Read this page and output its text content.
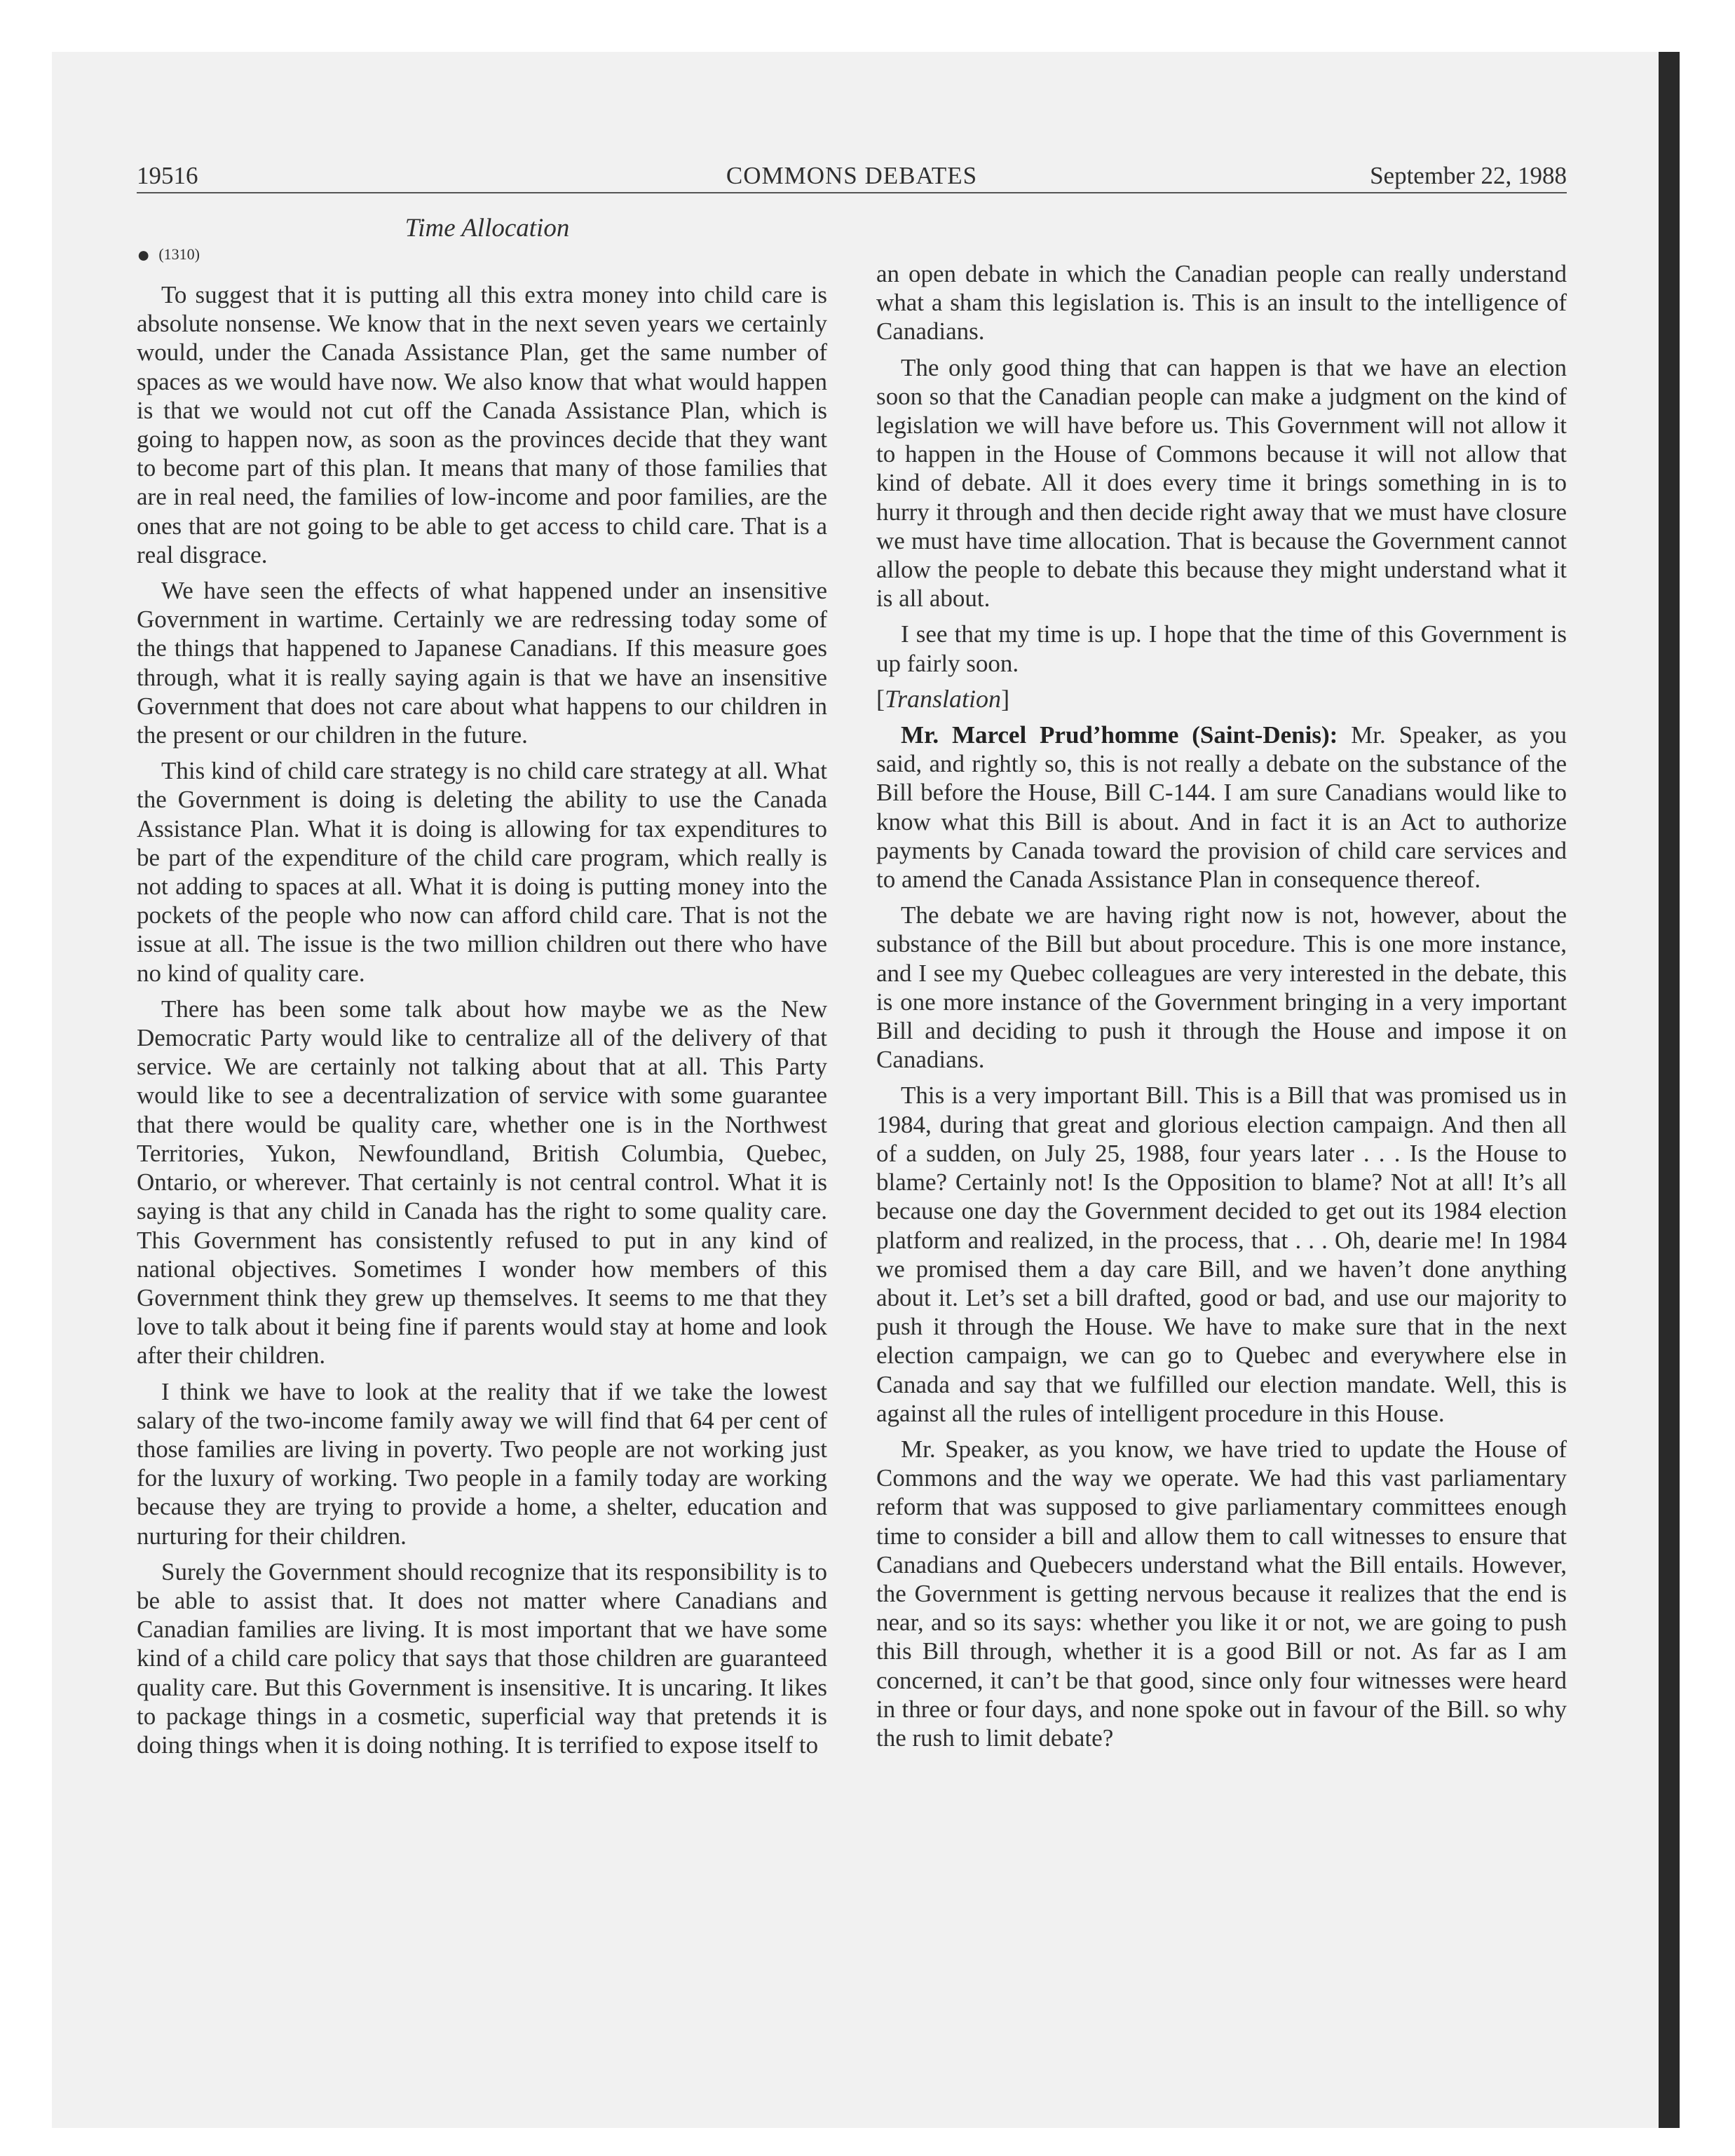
COMMONS DEBATES
19516	September 22, 1988
Time Allocation
● (1310)

To suggest that it is putting all this extra money into child care is absolute nonsense. We know that in the next seven years we certainly would, under the Canada Assistance Plan, get the same number of spaces as we would have now. We also know that what would happen is that we would not cut off the Canada Assistance Plan, which is going to happen now, as soon as the provinces decide that they want to become part of this plan. It means that many of those families that are in real need, the families of low-income and poor families, are the ones that are not going to be able to get access to child care. That is a real disgrace.

We have seen the effects of what happened under an insensitive Government in wartime. Certainly we are redressing today some of the things that happened to Japanese Canadians. If this measure goes through, what it is really saying again is that we have an insensitive Government that does not care about what happens to our children in the present or our children in the future.

This kind of child care strategy is no child care strategy at all. What the Government is doing is deleting the ability to use the Canada Assistance Plan. What it is doing is allowing for tax expenditures to be part of the expenditure of the child care program, which really is not adding to spaces at all. What it is doing is putting money into the pockets of the people who now can afford child care. That is not the issue at all. The issue is the two million children out there who have no kind of quality care.

There has been some talk about how maybe we as the New Democratic Party would like to centralize all of the delivery of that service. We are certainly not talking about that at all. This Party would like to see a decentralization of service with some guarantee that there would be quality care, whether one is in the Northwest Territories, Yukon, Newfoundland, British Columbia, Quebec, Ontario, or wherever. That certainly is not central control. What it is saying is that any child in Canada has the right to some quality care. This Government has consistently refused to put in any kind of national objectives. Sometimes I wonder how members of this Government think they grew up themselves. It seems to me that they love to talk about it being fine if parents would stay at home and look after their children.

I think we have to look at the reality that if we take the lowest salary of the two-income family away we will find that 64 per cent of those families are living in poverty. Two people are not working just for the luxury of working. Two people in a family today are working because they are trying to provide a home, a shelter, education and nurturing for their children.

Surely the Government should recognize that its responsibility is to be able to assist that. It does not matter where Canadians and Canadian families are living. It is most important that we have some kind of a child care policy that says that those children are guaranteed quality care. But this Government is insensitive. It is uncaring. It likes to package things in a cosmetic, superficial way that pretends it is doing things when it is doing nothing. It is terrified to expose itself to

an open debate in which the Canadian people can really understand what a sham this legislation is. This is an insult to the intelligence of Canadians.

The only good thing that can happen is that we have an election soon so that the Canadian people can make a judgment on the kind of legislation we will have before us. This Government will not allow it to happen in the House of Commons because it will not allow that kind of debate. All it does every time it brings something in is to hurry it through and then decide right away that we must have closure we must have time allocation. That is because the Government cannot allow the people to debate this because they might understand what it is all about.

I see that my time is up. I hope that the time of this Government is up fairly soon.

[Translation]

Mr. Marcel Prud’homme (Saint-Denis): Mr. Speaker, as you said, and rightly so, this is not really a debate on the substance of the Bill before the House, Bill C-144. I am sure Canadians would like to know what this Bill is about. And in fact it is an Act to authorize payments by Canada toward the provision of child care services and to amend the Canada Assistance Plan in consequence thereof.

The debate we are having right now is not, however, about the substance of the Bill but about procedure. This is one more instance, and I see my Quebec colleagues are very interested in the debate, this is one more instance of the Government bringing in a very important Bill and deciding to push it through the House and impose it on Canadians.

This is a very important Bill. This is a Bill that was promised us in 1984, during that great and glorious election campaign. And then all of a sudden, on July 25, 1988, four years later . . . Is the House to blame? Certainly not! Is the Opposition to blame? Not at all! It’s all because one day the Government decided to get out its 1984 election platform and realized, in the process, that . . . Oh, dearie me! In 1984 we promised them a day care Bill, and we haven’t done anything about it. Let’s set a bill drafted, good or bad, and use our majority to push it through the House. We have to make sure that in the next election campaign, we can go to Quebec and everywhere else in Canada and say that we fulfilled our election mandate. Well, this is against all the rules of intelligent procedure in this House.

Mr. Speaker, as you know, we have tried to update the House of Commons and the way we operate. We had this vast parliamentary reform that was supposed to give parliamentary committees enough time to consider a bill and allow them to call witnesses to ensure that Canadians and Quebecers understand what the Bill entails. However, the Government is getting nervous because it realizes that the end is near, and so its says: whether you like it or not, we are going to push this Bill through, whether it is a good Bill or not. As far as I am concerned, it can’t be that good, since only four witnesses were heard in three or four days, and none spoke out in favour of the Bill. so why the rush to limit debate?
